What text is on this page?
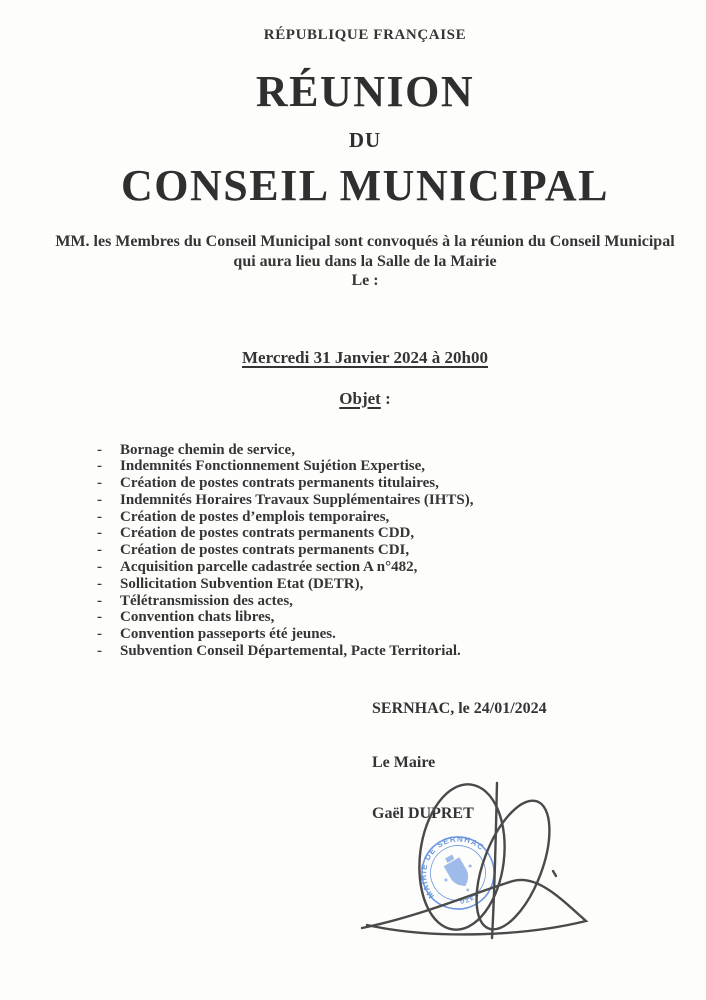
RÉPUBLIQUE FRANÇAISE
RÉUNION
DU
CONSEIL MUNICIPAL
MM. les Membres du Conseil Municipal sont convoqués à la réunion du Conseil Municipal qui aura lieu dans la Salle de la Mairie
Le :
Mercredi 31 Janvier 2024 à 20h00
Objet :
-	Bornage chemin de service,
-	Indemnités Fonctionnement Sujétion Expertise,
-	Création de postes contrats permanents titulaires,
-	Indemnités Horaires Travaux Supplémentaires (IHTS),
-	Création de postes d’emplois temporaires,
-	Création de postes contrats permanents CDD,
-	Création de postes contrats permanents CDI,
-	Acquisition parcelle cadastrée section A n°482,
-	Sollicitation Subvention Etat (DETR),
-	Télétransmission des actes,
-	Convention chats libres,
-	Convention passeports été jeunes.
-	Subvention Conseil Départemental, Pacte Territorial.
SERNHAC, le 24/01/2024
Le Maire
Gaël DUPRET
MAIRIE DE SERNHAC
UZÈS
